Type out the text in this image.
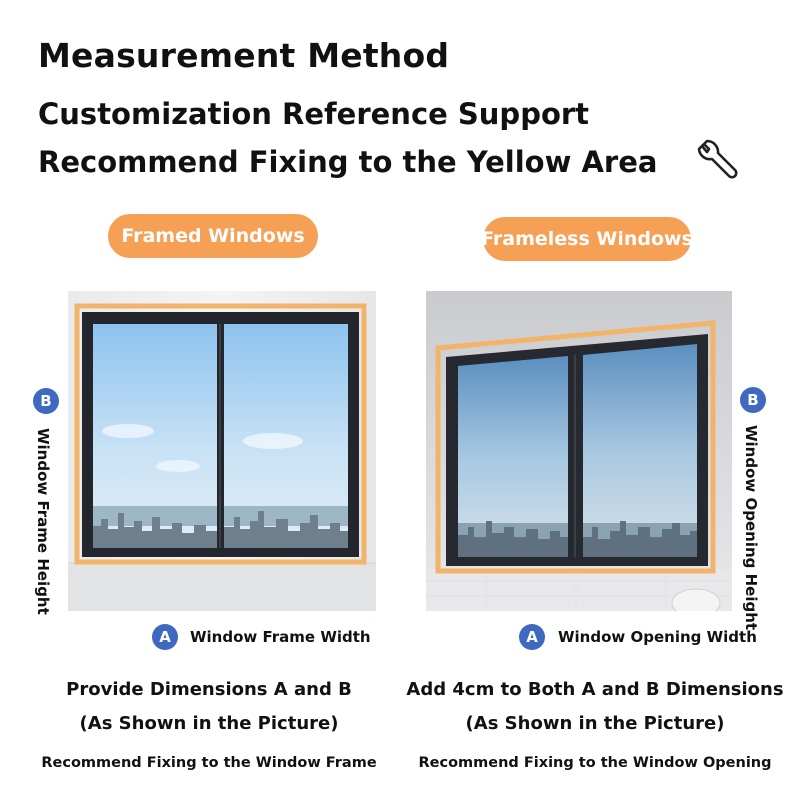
Measurement Method
Customization Reference Support
Recommend Fixing to the Yellow Area
Framed Windows
B
Window Frame Height
A	Window Frame Width
Provide Dimensions A and B
(As Shown in the Picture)
Recommend Fixing to the Window Frame
Frameless Windows
B
Window Opening Height
A	Window Opening Width
Add 4cm to Both A and B Dimensions
(As Shown in the Picture)
Recommend Fixing to the Window Opening
